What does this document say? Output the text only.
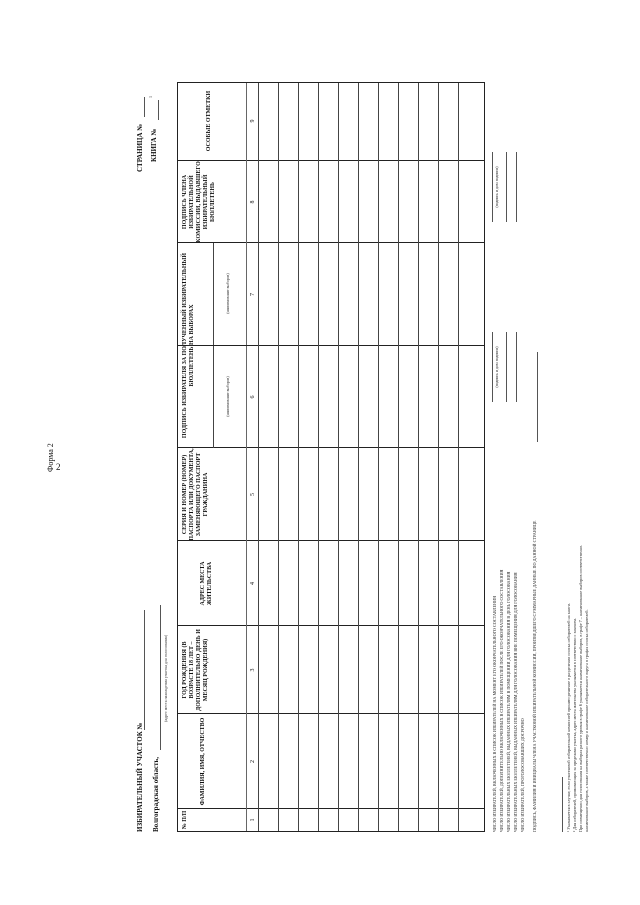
2
Форма 2
ИЗБИРАТЕЛЬНЫЙ УЧАСТОК № Волгоградская область,
(адрес места нахождения участка для голосования)
СТРАНИЦА № КНИГА №
1
№ П/П
ФАМИЛИЯ, ИМЯ, ОТЧЕСТВО
ГОД РОЖДЕНИЯ (В ВОЗРАСТЕ 18 ЛЕТ – ДОПОЛНИТЕЛЬНО ДЕНЬ И МЕСЯЦ РОЖДЕНИЯ)
АДРЕС МЕСТА ЖИТЕЛЬСТВА
СЕРИЯ И НОМЕР (НОМЕР) ПАСПОРТА ИЛИ ДОКУМЕНТА, ЗАМЕНЯЮЩЕГО ПАСПОРТ ГРАЖДАНИНА
ПОДПИСЬ ИЗБИРАТЕЛЯ ЗА ПОЛУЧЕННЫЙ ИЗБИРАТЕЛЬНЫЙ БЮЛЛЕТЕНЬ НА ВЫБОРАХ
(наименование выборов)
(наименование выборов)
ПОДПИСЬ ЧЛЕНА ИЗБИРАТЕЛЬНОЙ КОМИССИИ, ВЫДАВШЕГО ИЗБИРАТЕЛЬНЫЙ БЮЛЛЕТЕНЬ
ОСОБЫЕ ОТМЕТКИ
1
2
3
4
5
6
7
8
9
ЧИСЛО ИЗБИРАТЕЛЕЙ, ВКЛЮЧЕННЫХ В СПИСОК ИЗБИРАТЕЛЕЙ НА МОМЕНТ ЕГО ОКОНЧАТЕЛЬНОГО СОСТАВЛЕНИЯ ЧИСЛО ИЗБИРАТЕЛЕЙ, ДОПОЛНИТЕЛЬНО ВКЛЮЧЕННЫХ В СПИСОК ИЗБИРАТЕЛЕЙ ПОСЛЕ ЕГО ОКОНЧАТЕЛЬНОГО СОСТАВЛЕНИЯ ЧИСЛО ИЗБИРАТЕЛЬНЫХ БЮЛЛЕТЕНЕЙ, ВЫДАННЫХ ИЗБИРАТЕЛЯМ В ПОМЕЩЕНИИ ДЛЯ ГОЛОСОВАНИЯ В ДЕНЬ ГОЛОСОВАНИЯ ЧИСЛО ИЗБИРАТЕЛЬНЫХ БЮЛЛЕТЕНЕЙ, ВЫДАННЫХ ИЗБИРАТЕЛЯМ ДЛЯ ГОЛОСОВАНИЯ ВНЕ ПОМЕЩЕНИЯ ДЛЯ ГОЛОСОВАНИЯ ЧИСЛО ИЗБИРАТЕЛЕЙ, ПРОГОЛОСОВАВШИХ ДОСРОЧНО ПОДПИСЬ, ФАМИЛИЯ И ИНИЦИАЛЫ ЧЛЕНА УЧАСТКОВОЙ ИЗБИРАТЕЛЬНОЙ КОМИССИИ, ПРОИЗВЕДШЕГО СУММАРНЫЕ ДАННЫЕ ПО ДАННОЙ СТРАНИЦЕ
(подпись и дата подписи)
(подпись и дата подписи)
¹ Указывается в случае, если участковой избирательной комиссией принято решение о разделении списка избирателей на книги. ² Для избирателей, проживающих за пределами участка, адрес места жительства указывается в соответствии с законом. При совмещении дня голосования на выборах разного уровня в графе 6 указывается наименование выборов, в графе 7 – наименование выборов соответственно. наименование выборов, а также соответственно номер и наименование избирательного округа в графах списка избирателей.
